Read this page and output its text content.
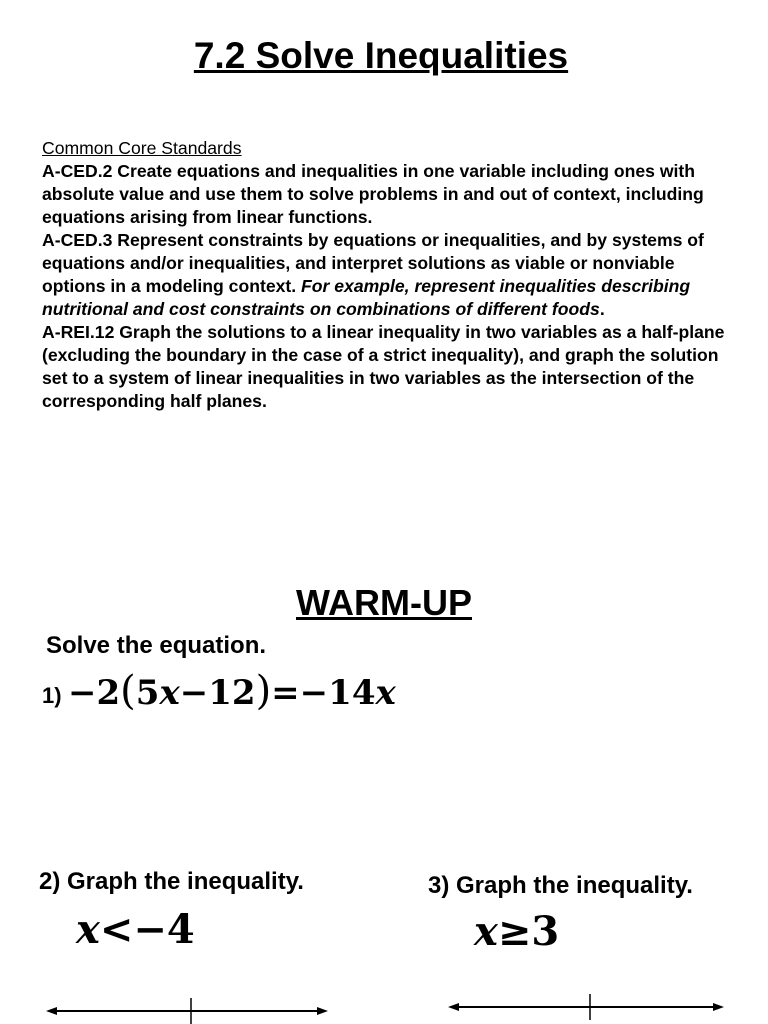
7.2 Solve Inequalities

Common Core Standards

A-CED.2 Create equations and inequalities in one variable including ones with absolute value and use them to solve problems in and out of context, including equations arising from linear functions.

A-CED.3 Represent constraints by equations or inequalities, and by systems of equations and/or inequalities, and interpret solutions as viable or nonviable options in a modeling context. For example, represent inequalities describing nutritional and cost constraints on combinations of different foods.

A-REI.12 Graph the solutions to a linear inequality in two variables as a half-plane (excluding the boundary in the case of a strict inequality), and graph the solution set to a system of linear inequalities in two variables as the intersection of the corresponding half planes.

WARM-UP
Solve the equation.
1) −2(5x−12)=−14x
2) Graph the inequality.
x<−4
3) Graph the inequality.
x≥3
